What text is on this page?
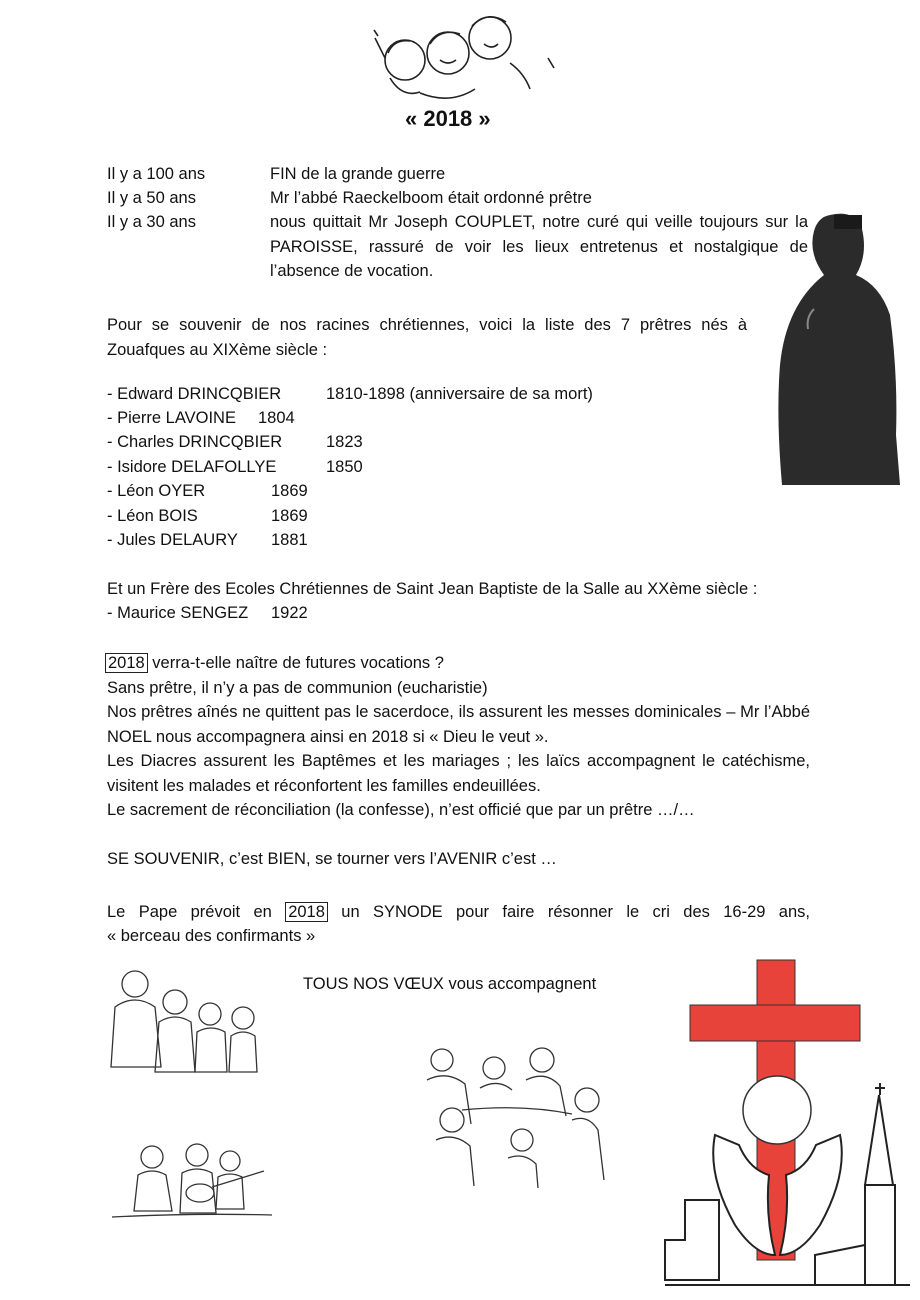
« 2018 »
Il y a 100 ans	FIN de la grande guerre
Il y a 50 ans	Mr l’abbé Raeckelboom était ordonné prêtre
Il y a 30 ans	nous quittait Mr Joseph COUPLET, notre curé qui veille toujours sur la PAROISSE, rassuré de voir les lieux entretenus et nostalgique de l’absence de vocation.
Pour se souvenir de nos racines chrétiennes, voici la liste des 7 prêtres nés à Zouafques au XIXème siècle :
- Edward DRINCQBIER	1810-1898 (anniversaire de sa mort)
- Pierre LAVOINE 1804
- Charles DRINCQBIER	1823
- Isidore DELAFOLLYE	1850
- Léon OYER	1869
- Léon BOIS	1869
- Jules DELAURY 1881
Et un Frère des Ecoles Chrétiennes de Saint Jean Baptiste de la Salle au XXème siècle :
- Maurice SENGEZ 1922
2018 verra-t-elle naître de futures vocations ?
Sans prêtre, il n’y a pas de communion (eucharistie)
Nos prêtres aînés ne quittent pas le sacerdoce, ils assurent les messes dominicales – Mr l’Abbé NOEL nous accompagnera ainsi en 2018 si « Dieu le veut ».
Les Diacres assurent les Baptêmes et les mariages ; les laïcs accompagnent le catéchisme, visitent les malades et réconfortent les familles endeuillées.
Le sacrement de réconciliation (la confesse), n’est officié que par un prêtre …/…
SE SOUVENIR, c’est BIEN, se tourner vers l’AVENIR c’est …
Le Pape prévoit en 2018 un SYNODE pour faire résonner le cri des 16-29 ans,
« berceau des confirmants »
TOUS NOS VŒUX vous accompagnent
